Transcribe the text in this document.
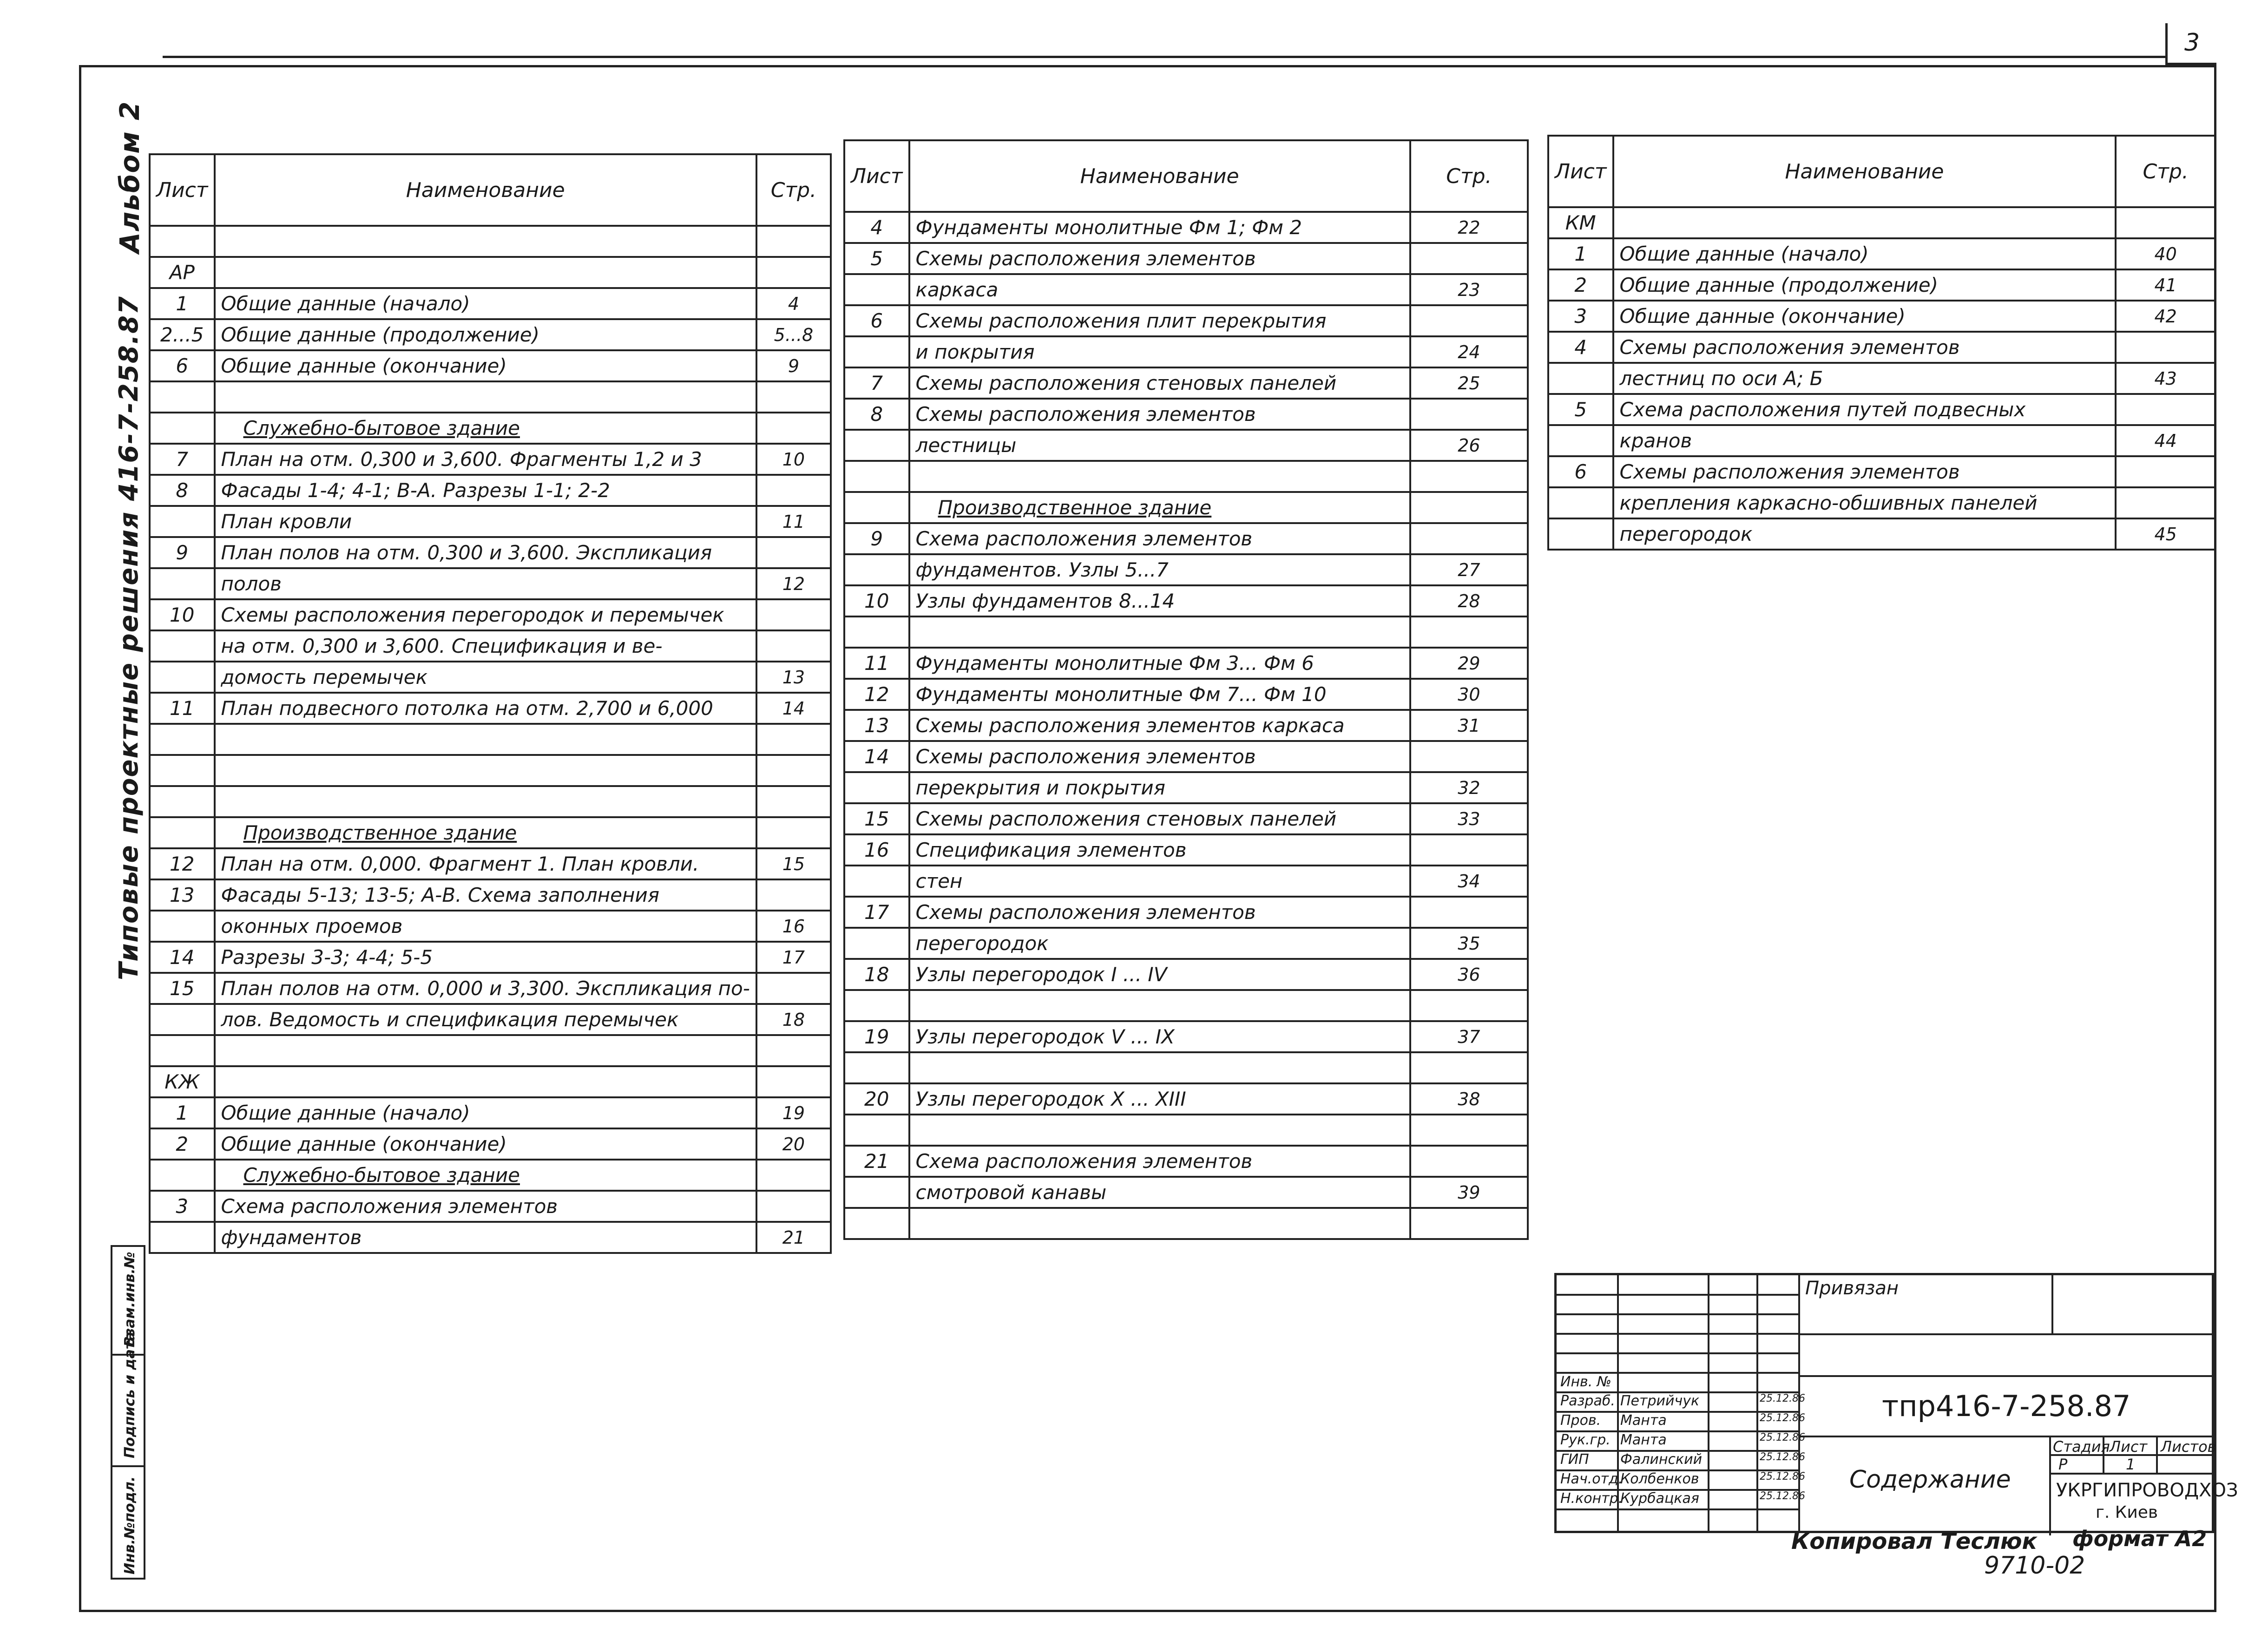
3
Альбом 2
Типовые проектные решения 416-7-258.87
Лист	Наименование	Стр.

АР		
1	Общие данные (начало)	4
2...5	Общие данные (продолжение)	5...8
6	Общие данные (окончание)	9

	Служебно-бытовое здание	
7	План на отм. 0,300 и 3,600. Фрагменты 1,2 и 3	10
8	Фасады 1-4; 4-1; В-А. Разрезы 1-1; 2-2	
	План кровли	11
9	План полов на отм. 0,300 и 3,600. Экспликация	
	полов	12
10	Схемы расположения перегородок и перемычек	
	на отм. 0,300 и 3,600. Спецификация и ве-	
	домость перемычек	13
11	План подвесного потолка на отм. 2,700 и 6,000	14

	Производственное здание	
12	План на отм. 0,000. Фрагмент 1. План кровли.	15
13	Фасады 5-13; 13-5; А-В. Схема заполнения	
	оконных проемов	16
14	Разрезы 3-3; 4-4; 5-5	17
15	План полов на отм. 0,000 и 3,300. Экспликация по-	
	лов. Ведомость и спецификация перемычек	18

КЖ		
1	Общие данные (начало)	19
2	Общие данные (окончание)	20
	Служебно-бытовое здание	
3	Схема расположения элементов	
	фундаментов	21
Лист	Наименование	Стр.
4	Фундаменты монолитные Фм 1; Фм 2	22
5	Схемы расположения элементов	
	каркаса	23
6	Схемы расположения плит перекрытия	
	и покрытия	24
7	Схемы расположения стеновых панелей	25
8	Схемы расположения элементов	
	лестницы	26

	Производственное здание	
9	Схема расположения элементов	
	фундаментов. Узлы 5...7	27
10	Узлы фундаментов 8...14	28

11	Фундаменты монолитные Фм 3... Фм 6	29
12	Фундаменты монолитные Фм 7... Фм 10	30
13	Схемы расположения элементов каркаса	31
14	Схемы расположения элементов	
	перекрытия и покрытия	32
15	Схемы расположения стеновых панелей	33
16	Спецификация элементов	
	стен	34
17	Схемы расположения элементов	
	перегородок	35
18	Узлы перегородок I ... IV	36

19	Узлы перегородок V ... IX	37

20	Узлы перегородок X ... XIII	38

21	Схема расположения элементов	
	смотровой канавы	39

Лист	Наименование	Стр.
КМ		
1	Общие данные (начало)	40
2	Общие данные (продолжение)	41
3	Общие данные (окончание)	42
4	Схемы расположения элементов	
	лестниц по оси А; Б	43
5	Схема расположения путей подвесных	
	кранов	44
6	Схемы расположения элементов	
	крепления каркасно-обшивных панелей	
	перегородок	45
Взам.инв.№
Подпись и дата
Инв.№подл.
Привязан
Инв. №
Разраб. Петрийчук	25.12.86
Пров. Манта	25.12.86
Рук.гр. Манта	25.12.86
ГИП Фалинский	25.12.86
Нач.отд.
Колбенков	25.12.86
Н.контр.
Курбацкая	25.12.86
тпр416-7-258.87
Содержание
Стадия Лист Листов
Р	1
УКРГИПРОВОДХОЗ
г. Киев
Копировал Теслюк формат А2
9710-02
